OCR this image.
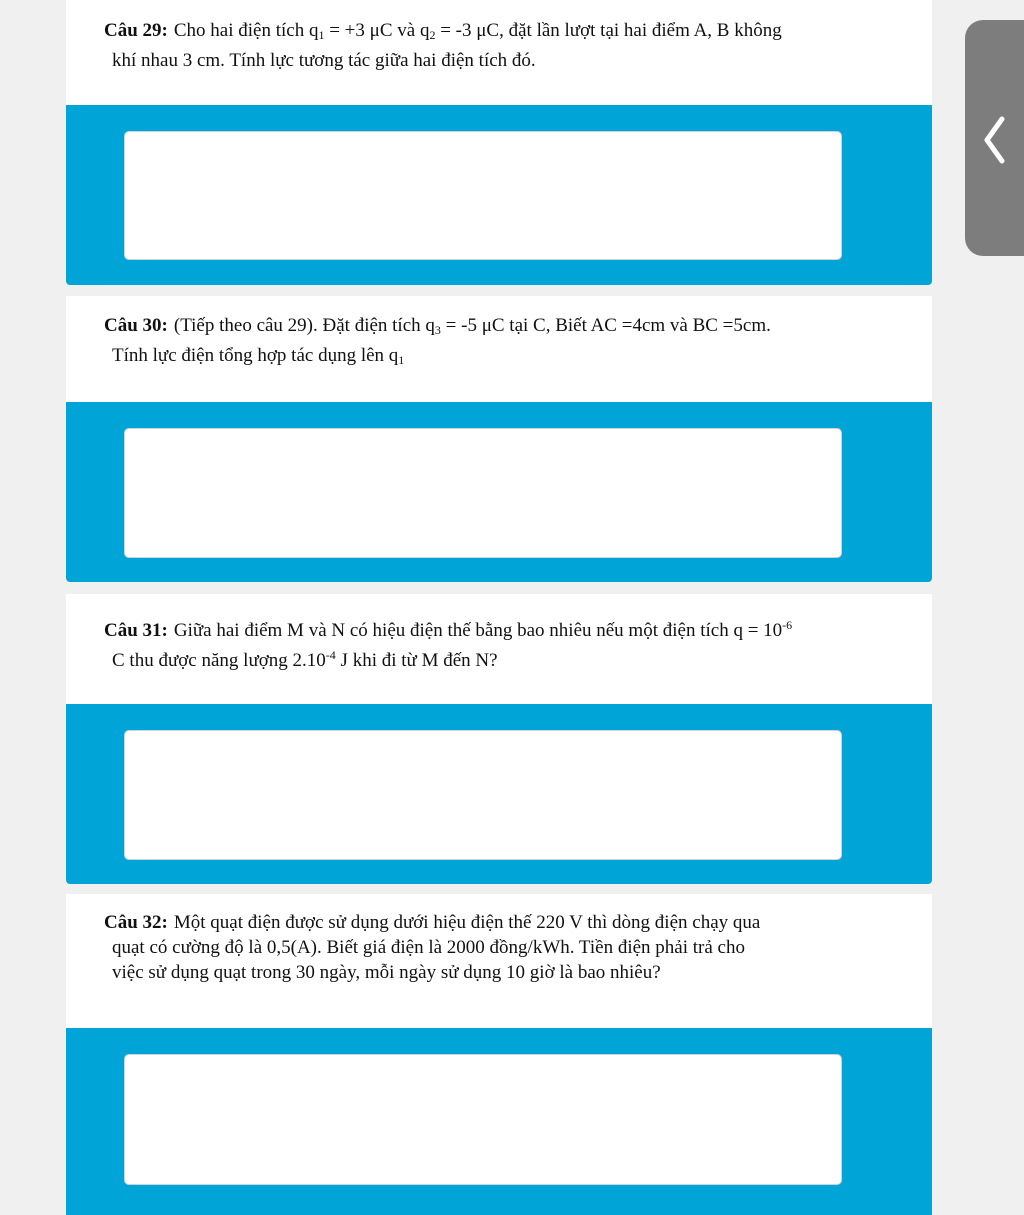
Câu 29: Cho hai điện tích $q_1 = +3$ μC và $q_2 = -3$ μC, đặt lần lượt tại hai điểm A, B không

khí nhau 3 cm. Tính lực tương tác giữa hai điện tích đó.

Câu 30: (Tiếp theo câu 29). Đặt điện tích $q_3 = -5$ μC tại C, Biết AC =4cm và BC =5cm.

Tính lực điện tổng hợp tác dụng lên $q_1$

Câu 31: Giữa hai điểm M và N có hiệu điện thế bằng bao nhiêu nếu một điện tích $q = 10^{-6}$

C thu được năng lượng $2.10^{-4}$ J khi đi từ M đến N?

Câu 32: Một quạt điện được sử dụng dưới hiệu điện thế 220 V thì dòng điện chạy qua

quạt có cường độ là 0,5(A). Biết giá điện là 2000 đồng/kWh. Tiền điện phải trả cho

việc sử dụng quạt trong 30 ngày, mỗi ngày sử dụng 10 giờ là bao nhiêu?
